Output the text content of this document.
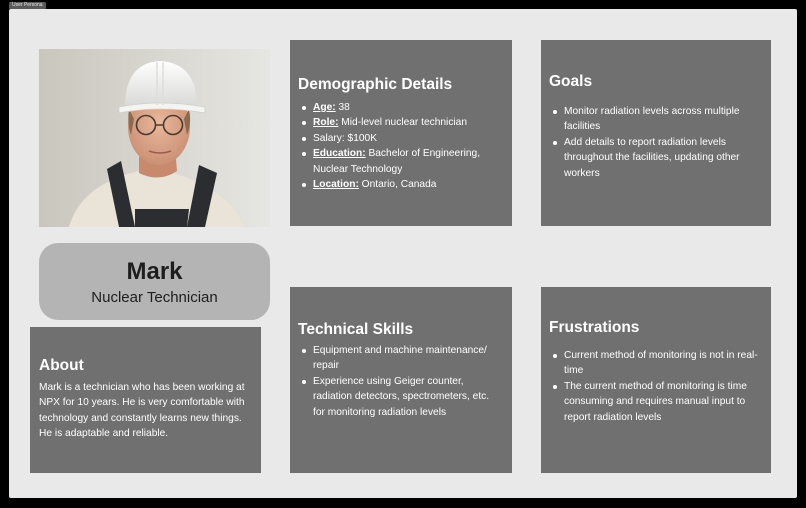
User Persona
Mark
Nuclear Technician
Demographic Details
Age: 38
Role: Mid-level nuclear technician
Salary: $100K
Education: Bachelor of Engineering, Nuclear Technology
Location: Ontario, Canada
Goals
Monitor radiation levels across multiple facilities
Add details to report radiation levels throughout the facilities, updating other workers
About

Mark is a technician who has been working at NPX for 10 years. He is very comfortable with technology and constantly learns new things. He is adaptable and reliable.

Technical Skills
Equipment and machine maintenance/ repair
Experience using Geiger counter, radiation detectors, spectrometers, etc. for monitoring radiation levels
Frustrations
Current method of monitoring is not in real-time
The current method of monitoring is time consuming and requires manual input to report radiation levels
